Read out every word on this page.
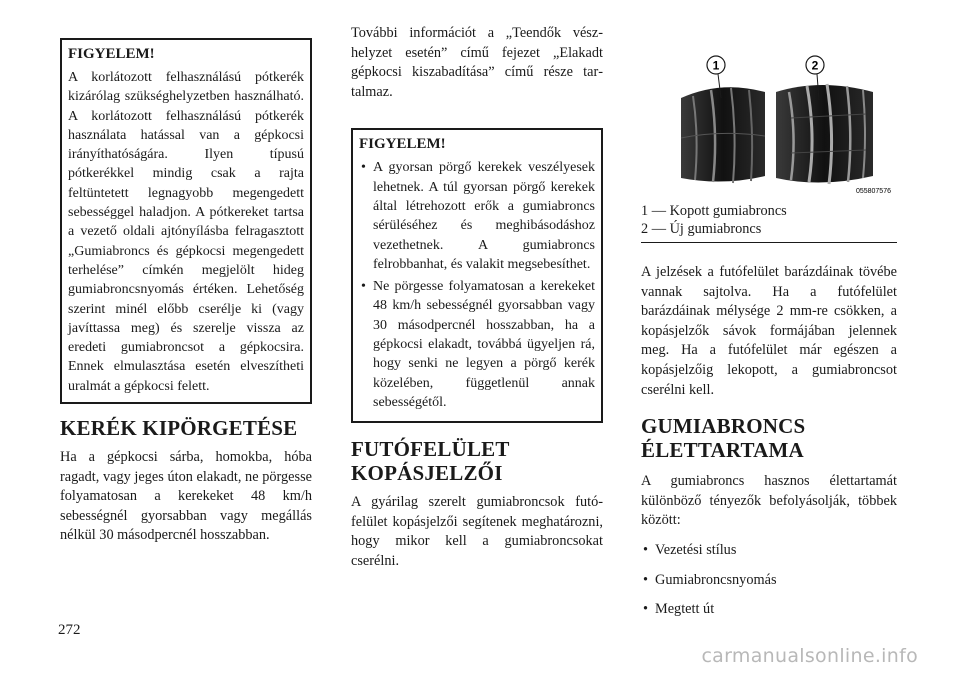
FIGYELEM!

A korlátozott felhasználású pótkerék kizárólag szükséghelyzetben használható. A korlátozott felhasználású pótkerék használata hatással van a gépkocsi irányíthatóságára. Ilyen típusú pótkerékkel mindig csak a rajta feltüntetett legnagyobb megengedett sebességgel haladjon. A pótkereket tartsa a vezető oldali ajtónyílásba felragasztott „Gumiabroncs és gépkocsi megengedett terhelése” címkén megjelölt hideg gumiabroncsnyomás értéken. Lehetőség szerint minél előbb cserélje ki (vagy javíttassa meg) és szerelje vissza az eredeti gumiabroncsot a gépkocsira. Ennek elmulasztása esetén elveszítheti uralmát a gépkocsi felett.

KERÉK KIPÖRGETÉSE

Ha a gépkocsi sárba, homokba, hóba ragadt, vagy jeges úton elakadt, ne pörgesse folyamatosan a kerekeket 48 km/h sebességnél gyorsabban vagy megállás nélkül 30 másodpercnél hosszabban.

További információt a „Teendők vészhelyzet esetén” című fejezet „Elakadt gépkocsi kiszabadítása” című része tartalmaz.

FIGYELEM!

• A gyorsan pörgő kerekek veszélyesek lehetnek. A túl gyorsan pörgő kerekek által létrehozott erők a gumiabroncs sérüléséhez és meghibásodáshoz vezethetnek. A gumiabroncs felrobbanhat, és valakit megsebesíthet.
• Ne pörgesse folyamatosan a kerekeket 48 km/h sebességnél gyorsabban vagy 30 másodpercnél hosszabban, ha a gépkocsi elakadt, továbbá ügyeljen rá, hogy senki ne legyen a pörgő kerék közelében, függetlenül annak sebességétől.
FUTÓFELÜLET
KOPÁSJELZŐI

A gyárilag szerelt gumiabroncsok futófelület kopásjelzői segítenek meghatározni, hogy mikor kell a gumiabroncsokat cserélni.

1	2
055807576
1 — Kopott gumiabroncs
2 — Új gumiabroncs

A jelzések a futófelület barázdáinak tövébe vannak sajtolva. Ha a futófelület barázdáinak mélysége 2 mm-re csökken, a kopásjelzők sávok formájában jelennek meg. Ha a futófelület már egészen a kopásjelzőig lekopott, a gumiabroncsot cserélni kell.

GUMIABRONCS
ÉLETTARTAMA

A gumiabroncs hasznos élettartamát különböző tényezők befolyásolják, többek között:

• Vezetési stílus
• Gumiabroncsnyomás
• Megtett út
272
carmanualsonline.info
